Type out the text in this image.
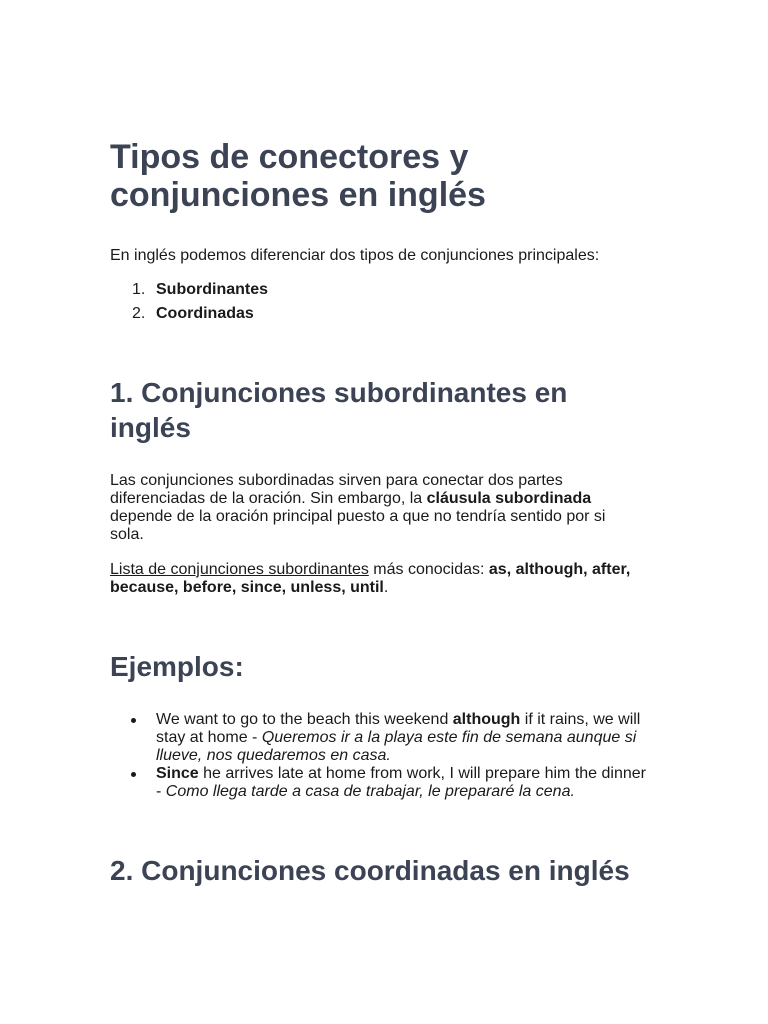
Tipos de conectores y conjunciones en inglés

En inglés podemos diferenciar dos tipos de conjunciones principales:

1. Subordinantes
2. Coordinadas
1. Conjunciones subordinantes en inglés

Las conjunciones subordinadas sirven para conectar dos partes diferenciadas de la oración. Sin embargo, la cláusula subordinada depende de la oración principal puesto a que no tendría sentido por si sola.

Lista de conjunciones subordinantes más conocidas: as, although, after, because, before, since, unless, until.

Ejemplos:
We want to go to the beach this weekend although if it rains, we will stay at home - Queremos ir a la playa este fin de semana aunque si llueve, nos quedaremos en casa.
Since he arrives late at home from work, I will prepare him the dinner - Como llega tarde a casa de trabajar, le prepararé la cena.
2. Conjunciones coordinadas en inglés
